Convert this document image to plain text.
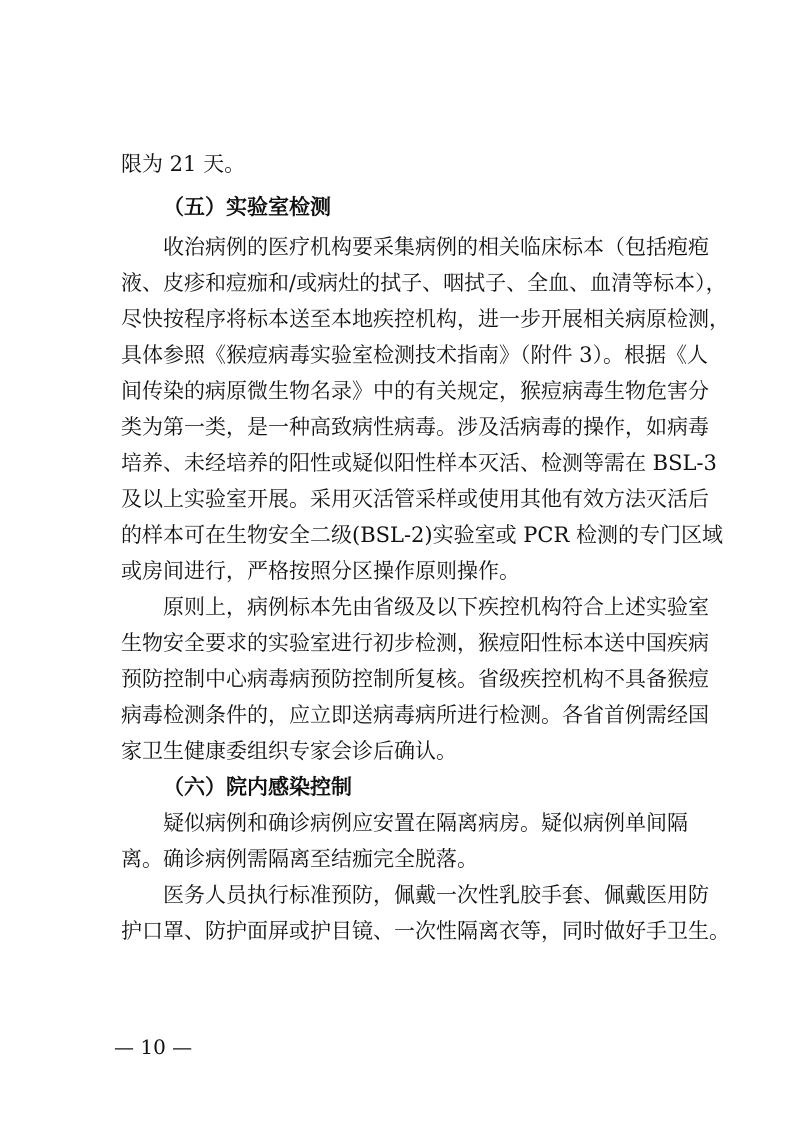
限为 21 天。
（五）实验室检测
收治病例的医疗机构要采集病例的相关临床标本（包括疱疱
液、皮疹和痘痂和/或病灶的拭子、咽拭子、全血、血清等标本），
尽快按程序将标本送至本地疾控机构，进一步开展相关病原检测，
具体参照《猴痘病毒实验室检测技术指南》（附件 3）。根据《人
间传染的病原微生物名录》中的有关规定，猴痘病毒生物危害分
类为第一类，是一种高致病性病毒。涉及活病毒的操作，如病毒
培养、未经培养的阳性或疑似阳性样本灭活、检测等需在 BSL-3
及以上实验室开展。采用灭活管采样或使用其他有效方法灭活后
的样本可在生物安全二级(BSL-2)实验室或 PCR 检测的专门区域
或房间进行，严格按照分区操作原则操作。
原则上，病例标本先由省级及以下疾控机构符合上述实验室
生物安全要求的实验室进行初步检测，猴痘阳性标本送中国疾病
预防控制中心病毒病预防控制所复核。省级疾控机构不具备猴痘
病毒检测条件的，应立即送病毒病所进行检测。各省首例需经国
家卫生健康委组织专家会诊后确认。
（六）院内感染控制
疑似病例和确诊病例应安置在隔离病房。疑似病例单间隔
离。确诊病例需隔离至结痂完全脱落。
医务人员执行标准预防，佩戴一次性乳胶手套、佩戴医用防
护口罩、防护面屏或护目镜、一次性隔离衣等，同时做好手卫生。
— 10 —
